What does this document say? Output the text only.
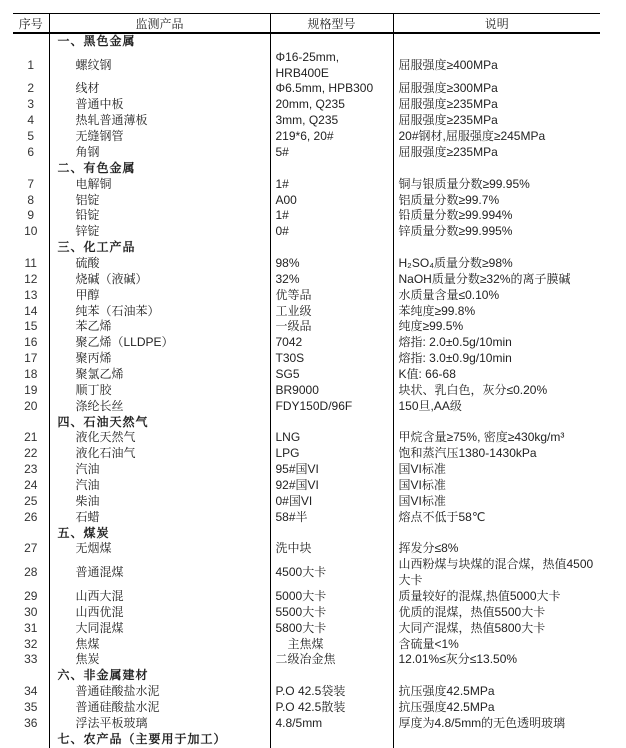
序号	监测产品	规格型号	说明
	一、黑色金属		
1	螺纹钢	Φ16-25mm, HRB400E	屈服强度≥400MPa
2	线材	Φ6.5mm, HPB300	屈服强度≥300MPa
3	普通中板	20mm, Q235	屈服强度≥235MPa
4	热轧普通薄板	3mm, Q235	屈服强度≥235MPa
5	无缝钢管	219*6, 20#	20#钢材,屈服强度≥245MPa
6	角钢	5#	屈服强度≥235MPa
	二、有色金属		
7	电解铜	1#	铜与银质量分数≥99.95%
8	铝锭	A00	铝质量分数≥99.7%
9	铅锭	1#	铅质量分数≥99.994%
10	锌锭	0#	锌质量分数≥99.995%
	三、化工产品		
11	硫酸	98%	H₂SO₄质量分数≥98%
12	烧碱（液碱）	32%	NaOH质量分数≥32%的离子膜碱
13	甲醇	优等品	水质量含量≤0.10%
14	纯苯（石油苯）	工业级	苯纯度≥99.8%
15	苯乙烯	一级品	纯度≥99.5%
16	聚乙烯（LLDPE）	7042	熔指: 2.0±0.5g/10min
17	聚丙烯	T30S	熔指: 3.0±0.9g/10min
18	聚氯乙烯	SG5	K值: 66-68
19	顺丁胶	BR9000	块状、乳白色，灰分≤0.20%
20	涤纶长丝	FDY150D/96F	150旦,AA级
	四、石油天然气		
21	液化天然气	LNG	甲烷含量≥75%, 密度≥430kg/m³
22	液化石油气	LPG	饱和蒸汽压1380-1430kPa
23	汽油	95#国VI	国VI标准
24	汽油	92#国VI	国VI标准
25	柴油	0#国VI	国VI标准
26	石蜡	58#半	熔点不低于58℃
	五、煤炭		
27	无烟煤	洗中块	挥发分≤8%
28	普通混煤	4500大卡	山西粉煤与块煤的混合煤，热值4500大卡
29	山西大混	5000大卡	质量较好的混煤,热值5000大卡
30	山西优混	5500大卡	优质的混煤，热值5500大卡
31	大同混煤	5800大卡	大同产混煤，热值5800大卡
32	焦煤	　主焦煤	含硫量<1%
33	焦炭	二级冶金焦	12.01%≤灰分≤13.50%
	六、非金属建材		
34	普通硅酸盐水泥	P.O 42.5袋装	抗压强度42.5MPa
35	普通硅酸盐水泥	P.O 42.5散装	抗压强度42.5MPa
36	浮法平板玻璃	4.8/5mm	厚度为4.8/5mm的无色透明玻璃
	七、农产品（主要用于加工）		
